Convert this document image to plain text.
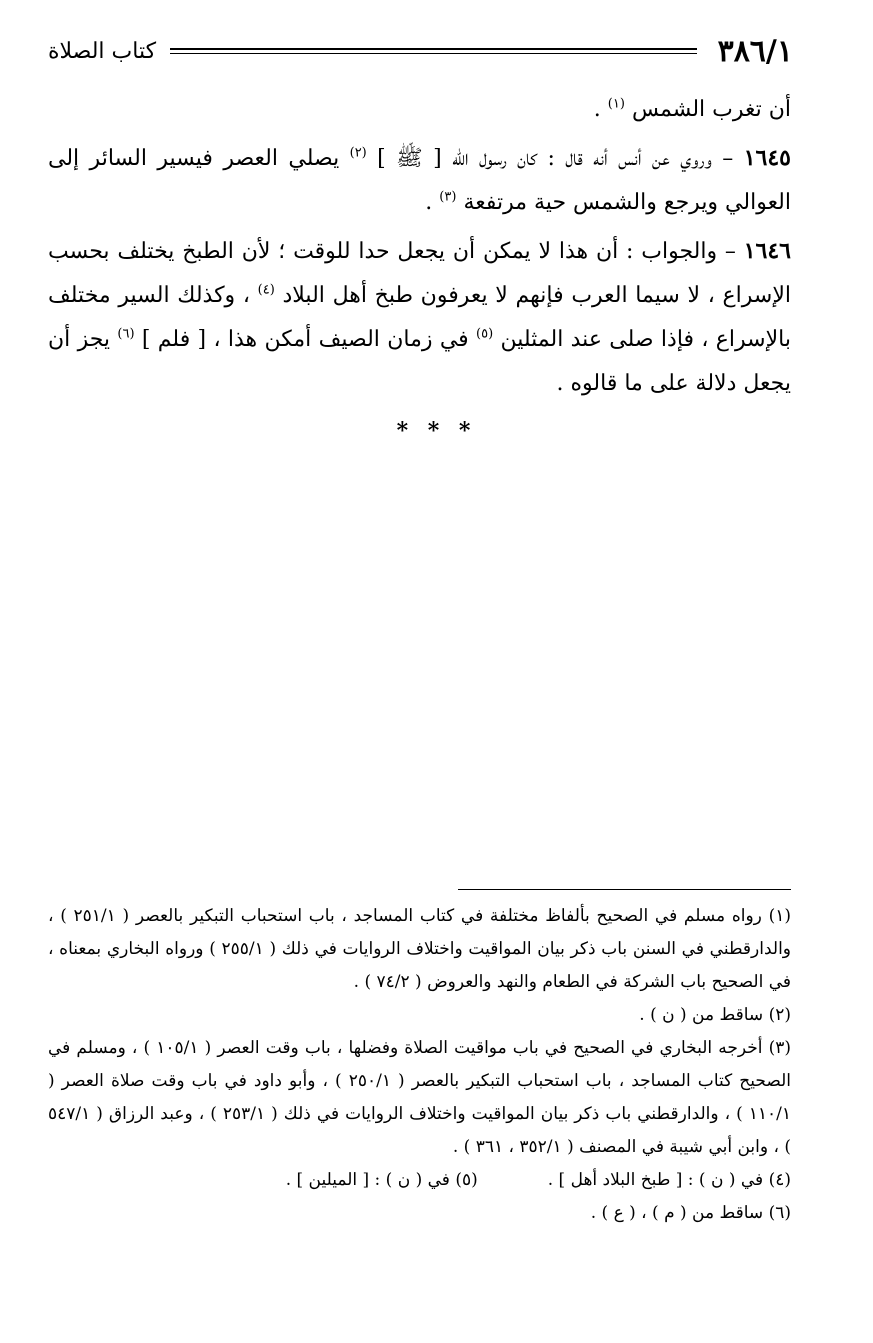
٣٨٦/١
كتاب الصلاة

أن تغرب الشمس $^{(١)}$ .

١٦٤٥ – وروي عن أنس أنه قال : كان رسول اللّٰه [ ﷺ ] $^{(٢)}$ يصلي العصر فيسير السائر إلى العوالي ويرجع والشمس حية مرتفعة $^{(٣)}$ .

١٦٤٦ – والجواب : أن هذا لا يمكن أن يجعل حدا للوقت ؛ لأن الطبخ يختلف بحسب الإسراع ، لا سيما العرب فإنهم لا يعرفون طبخ أهل البلاد $^{(٤)}$ ، وكذلك السير مختلف بالإسراع ، فإذا صلى عند المثلين $^{(٥)}$ في زمان الصيف أمكن هذا ، [ فلم ] $^{(٦)}$ يجز أن يجعل دلالة على ما قالوه .

* * *

(١) رواه مسلم في الصحيح بألفاظ مختلفة في كتاب المساجد ، باب استحباب التبكير بالعصر ( ٢٥١/١ ) ، والدارقطني في السنن باب ذكر بيان المواقيت واختلاف الروايات في ذلك ( ٢٥٥/١ ) ورواه البخاري بمعناه ، في الصحيح باب الشركة في الطعام والنهد والعروض ( ٧٤/٢ ) .

(٢) ساقط من ( ن ) .

(٣) أخرجه البخاري في الصحيح في باب مواقيت الصلاة وفضلها ، باب وقت العصر ( ١٠٥/١ ) ، ومسلم في الصحيح كتاب المساجد ، باب استحباب التبكير بالعصر ( ٢٥٠/١ ) ، وأبو داود في باب وقت صلاة العصر ( ١١٠/١ ) ، والدارقطني باب ذكر بيان المواقيت واختلاف الروايات في ذلك ( ٢٥٣/١ ) ، وعبد الرزاق ( ٥٤٧/١ ) ، وابن أبي شيبة في المصنف ( ٣٥٢/١ ، ٣٦١ ) .

(٤) في ( ن ) : [ طبخ البلاد أهل ] .
(٥) في ( ن ) : [ الميلين ] .

(٦) ساقط من ( م ) ، ( ع ) .
